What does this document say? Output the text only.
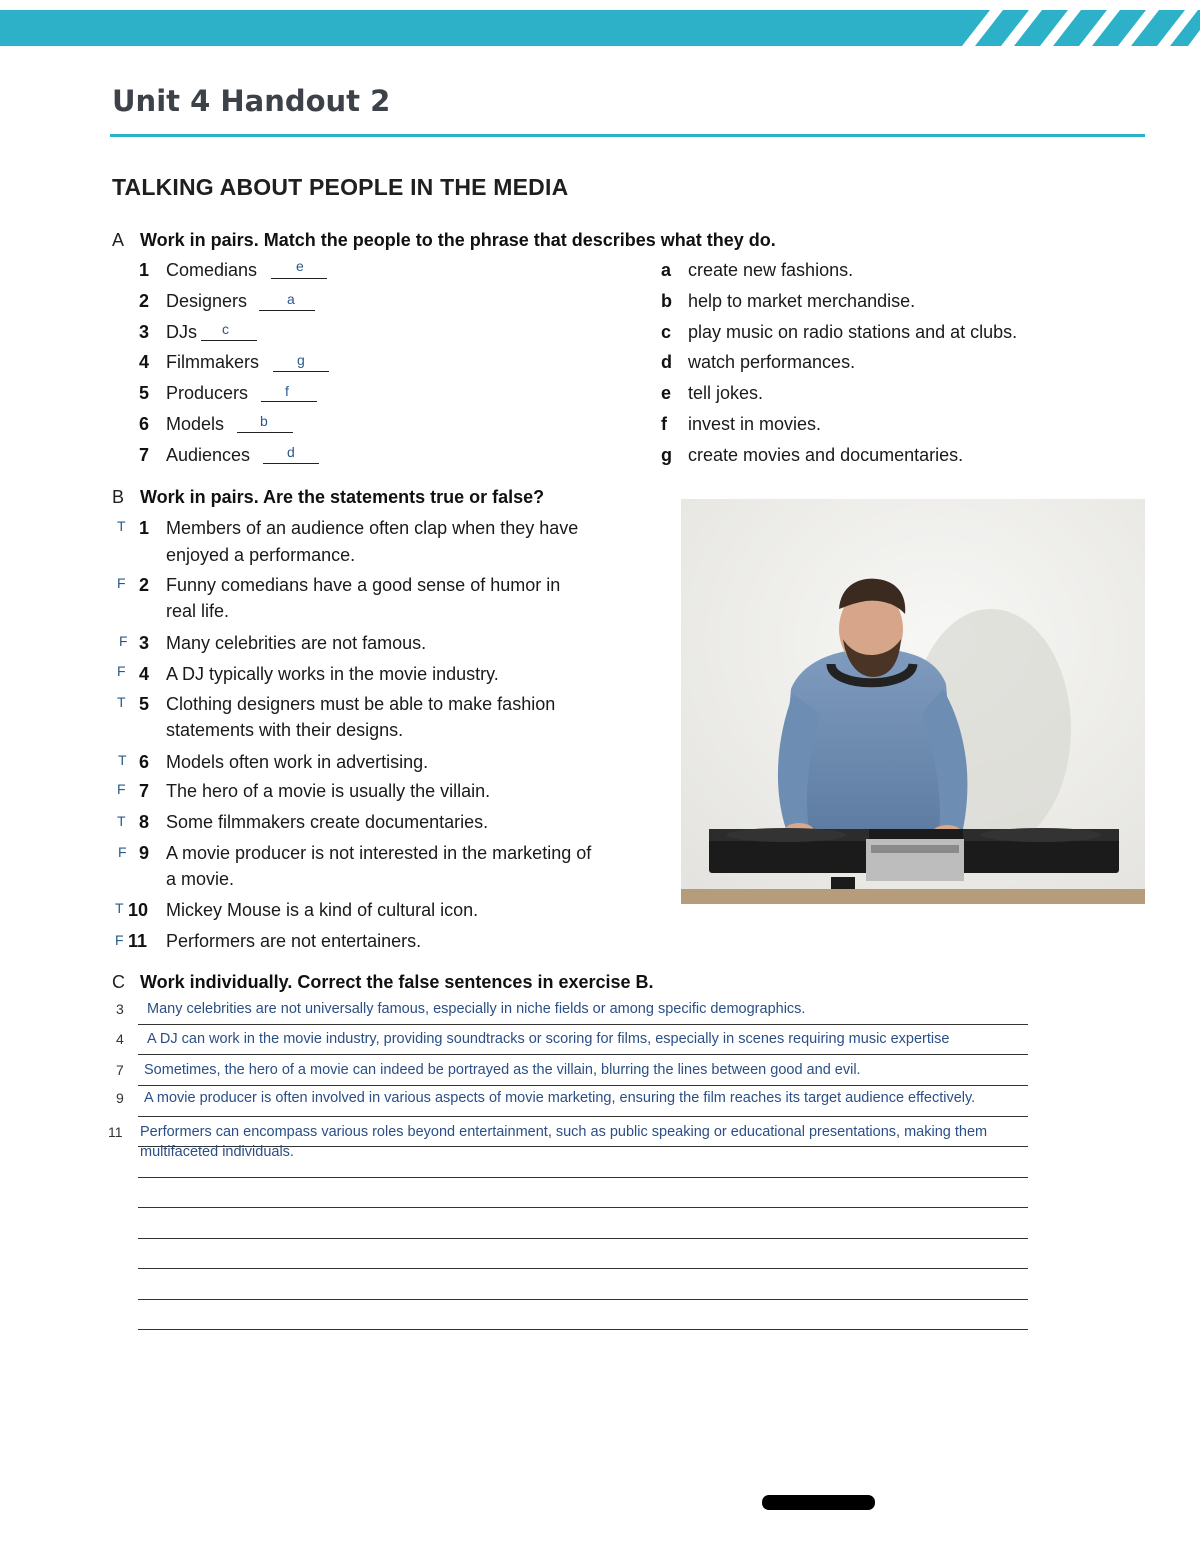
Unit 4 Handout 2
TALKING ABOUT PEOPLE IN THE MEDIA
A Work in pairs. Match the people to the phrase that describes what they do.
1 Comedians	e
2 Designers	a
3 DJs c
4 Filmmakers	g
5 Producers	f
6 Models	b
7 Audiences	d
a create new fashions.
b help to market merchandise.
c play music on radio stations and at clubs.
d watch performances.
e tell jokes.
f invest in movies.
g create movies and documentaries.
B Work in pairs. Are the statements true or false?
T 1 Members of an audience often clap when they have
enjoyed a performance.
F 2 Funny comedians have a good sense of humor in
real life.
F 3 Many celebrities are not famous.
F 4 A DJ typically works in the movie industry.
T 5 Clothing designers must be able to make fashion
statements with their designs.
T 6 Models often work in advertising.
F 7 The hero of a movie is usually the villain.
T 8 Some filmmakers create documentaries.
F 9 A movie producer is not interested in the marketing of
a movie.
T 10 Mickey Mouse is a kind of cultural icon.
F 11 Performers are not entertainers.
C Work individually. Correct the false sentences in exercise B.
3 Many celebrities are not universally famous, especially in niche fields or among specific demographics.
4 A DJ can work in the movie industry, providing soundtracks or scoring for films, especially in scenes requiring music expertise
7 Sometimes, the hero of a movie can indeed be portrayed as the villain, blurring the lines between good and evil.
9 A movie producer is often involved in various aspects of movie marketing, ensuring the film reaches its target audience effectively.
11 Performers can encompass various roles beyond entertainment, such as public speaking or educational presentations, making them
multifaceted individuals.
